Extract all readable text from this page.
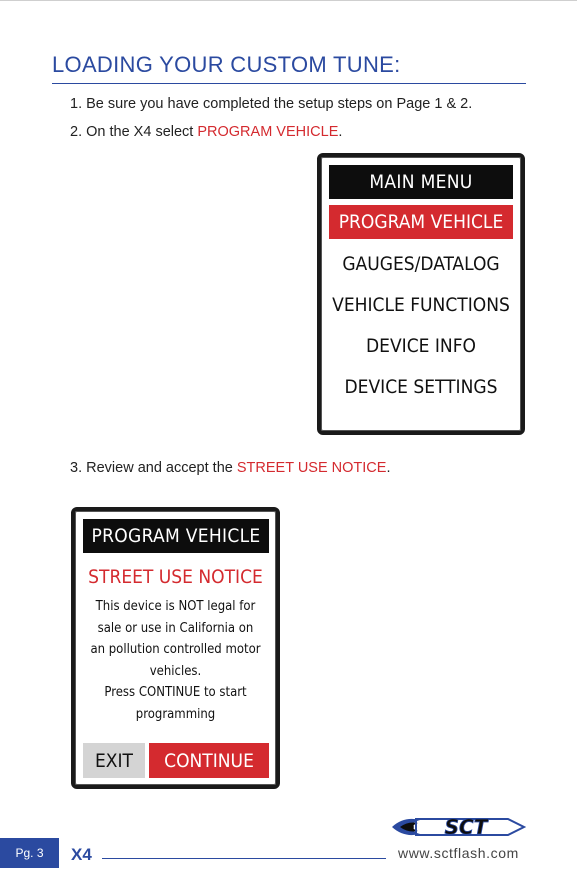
LOADING YOUR CUSTOM TUNE:
1. Be sure you have completed the setup steps on Page 1 & 2.
2. On the X4 select PROGRAM VEHICLE.
MAIN MENU
PROGRAM VEHICLE
GAUGES/DATALOG
VEHICLE FUNCTIONS
DEVICE INFO
DEVICE SETTINGS
3. Review and accept the STREET USE NOTICE.
PROGRAM VEHICLE
STREET USE NOTICE
This device is NOT legal for
sale or use in California on
an pollution controlled motor
vehicles.
Press CONTINUE to start
programming
EXIT	CONTINUE
SCT
Pg. 3	X4	www.sctflash.com
